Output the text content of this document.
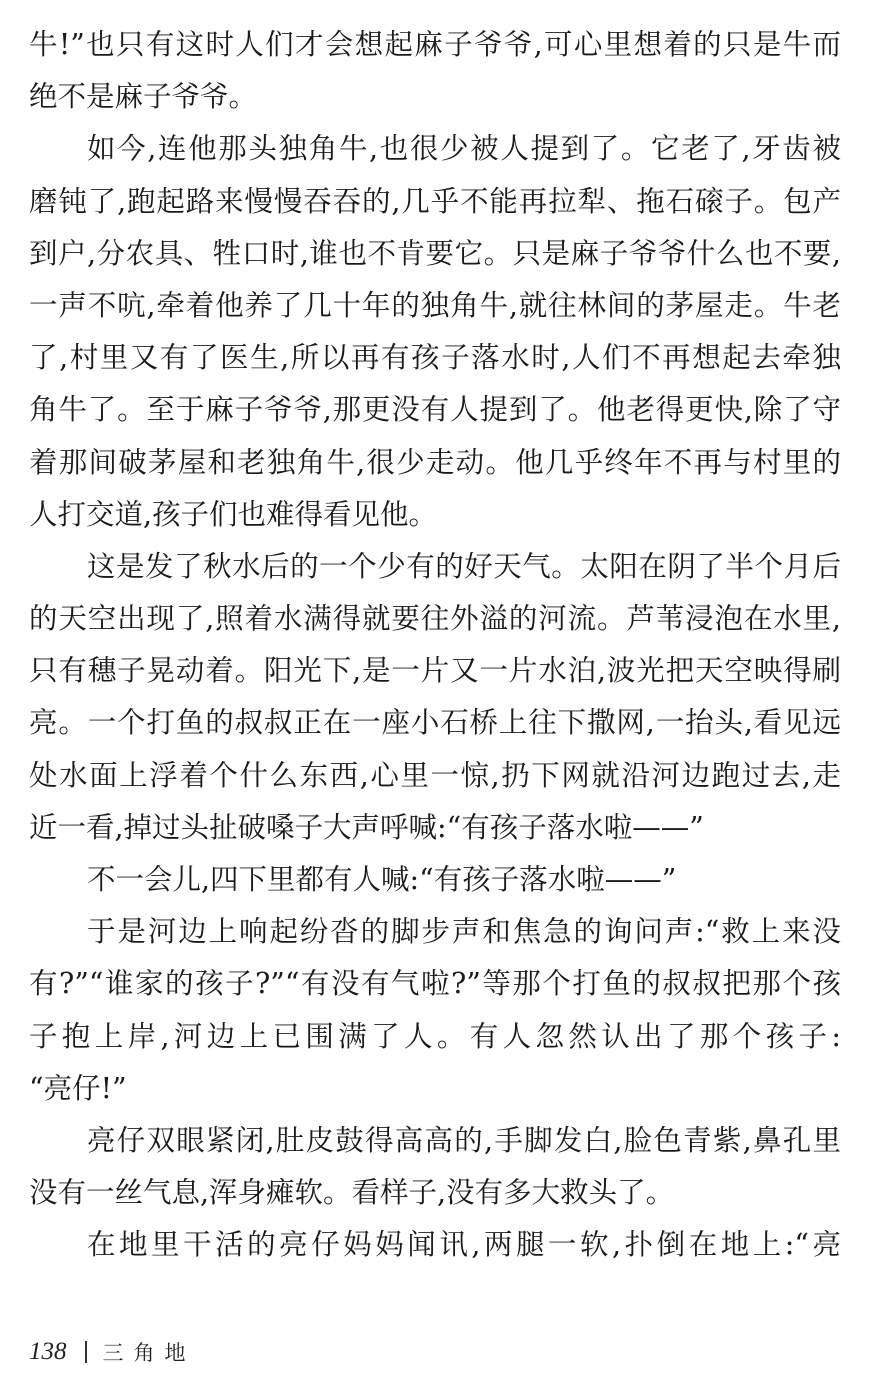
牛!”也只有这时人们才会想起麻子爷爷,可心里想着的只是牛而
绝不是麻子爷爷。
如今,连他那头独角牛,也很少被人提到了。它老了,牙齿被
磨钝了,跑起路来慢慢吞吞的,几乎不能再拉犁、拖石磙子。包产
到户,分农具、牲口时,谁也不肯要它。只是麻子爷爷什么也不要,
一声不吭,牵着他养了几十年的独角牛,就往林间的茅屋走。牛老
了,村里又有了医生,所以再有孩子落水时,人们不再想起去牵独
角牛了。至于麻子爷爷,那更没有人提到了。他老得更快,除了守
着那间破茅屋和老独角牛,很少走动。他几乎终年不再与村里的
人打交道,孩子们也难得看见他。
这是发了秋水后的一个少有的好天气。太阳在阴了半个月后
的天空出现了,照着水满得就要往外溢的河流。芦苇浸泡在水里,
只有穗子晃动着。阳光下,是一片又一片水泊,波光把天空映得刷
亮。一个打鱼的叔叔正在一座小石桥上往下撒网,一抬头,看见远
处水面上浮着个什么东西,心里一惊,扔下网就沿河边跑过去,走
近一看,掉过头扯破嗓子大声呼喊:“有孩子落水啦——”
不一会儿,四下里都有人喊:“有孩子落水啦——”
于是河边上响起纷沓的脚步声和焦急的询问声:“救上来没
有?”“谁家的孩子?”“有没有气啦?”等那个打鱼的叔叔把那个孩
子抱上岸,河边上已围满了人。有人忽然认出了那个孩子:
“亮仔!”
亮仔双眼紧闭,肚皮鼓得高高的,手脚发白,脸色青紫,鼻孔里
没有一丝气息,浑身瘫软。看样子,没有多大救头了。
在地里干活的亮仔妈妈闻讯,两腿一软,扑倒在地上:“亮
138 三角地
